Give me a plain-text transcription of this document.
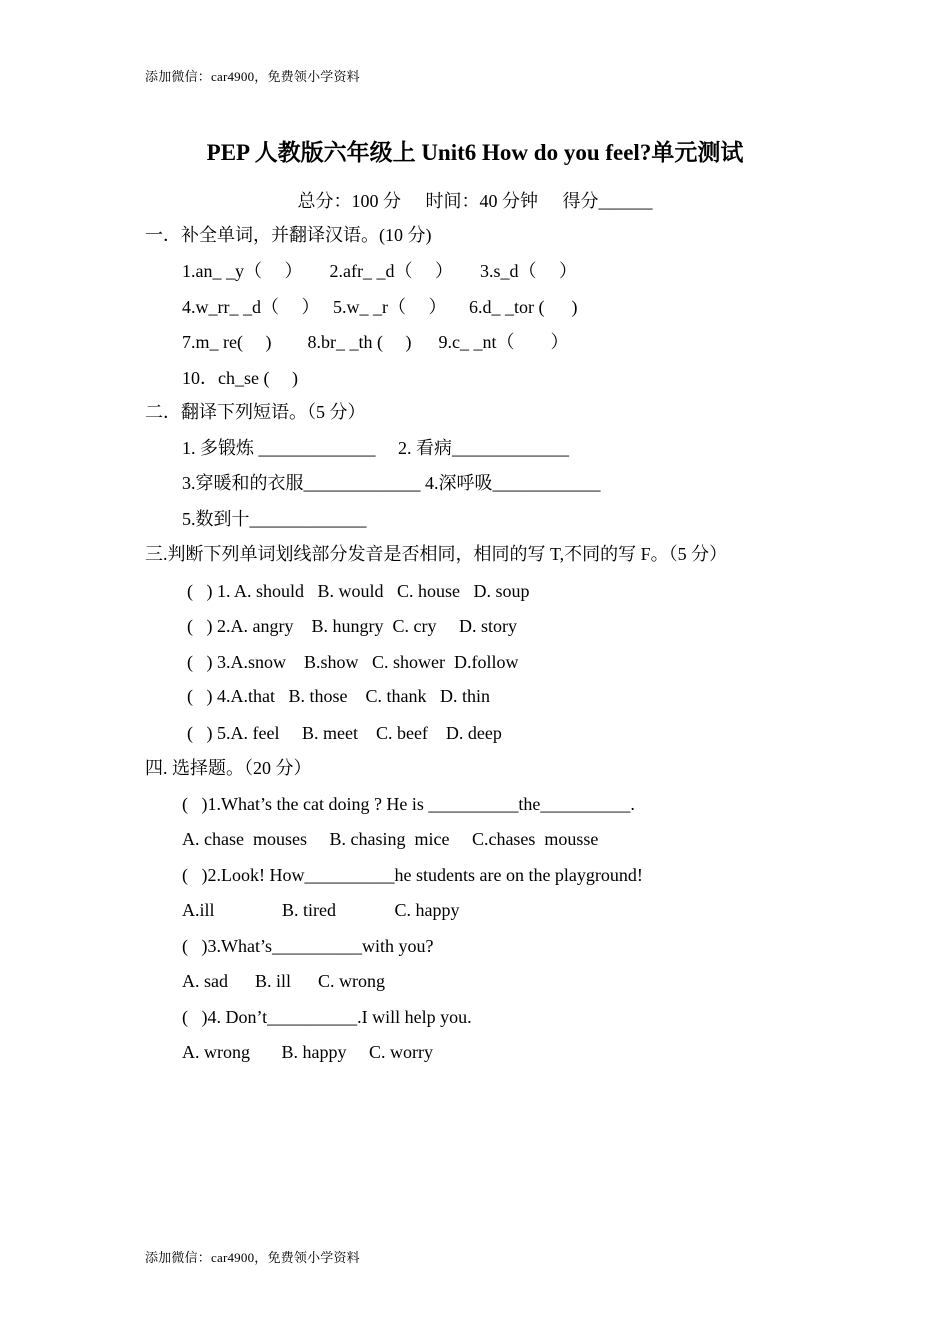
添加微信：car4900，免费领小学资料
PEP 人教版六年级上 Unit6 How do you feel?单元测试
总分：100 分 时间：40 分钟 得分______
一．补全单词，并翻译汉语。(10 分)
1.an_ _y（     ）      2.afr_ _d（     ）      3.s_d（     ）
4.w_rr_ _d（     ）   5.w_ _r（     ）     6.d_ _tor (      )
7.m_ re(     )        8.br_ _th (     )      9.c_ _nt（        ）
10．ch_se (     )
二．翻译下列短语。（5 分）
1. 多锻炼 _____________     2. 看病_____________
3.穿暖和的衣服_____________ 4.深呼吸____________
5.数到十_____________
三.判断下列单词划线部分发音是否相同，相同的写 T,不同的写 F。（5 分）
(   ) 1. A. should   B. would   C. house   D. soup
(   ) 2.A. angry    B. hungry  C. cry     D. story
(   ) 3.A.snow    B.show   C. shower  D.follow
(   ) 4.A.that   B. those    C. thank   D. thin
(   ) 5.A. feel     B. meet    C. beef    D. deep
四. 选择题。（20 分）
(   )1.What’s the cat doing ? He is __________the__________.
A. chase  mouses     B. chasing  mice     C.chases  mousse
(   )2.Look! How__________he students are on the playground!
A.ill               B. tired             C. happy
(   )3.What’s__________with you?
A. sad      B. ill      C. wrong
(   )4. Don’t__________.I will help you.
A. wrong       B. happy     C. worry
添加微信：car4900，免费领小学资料
